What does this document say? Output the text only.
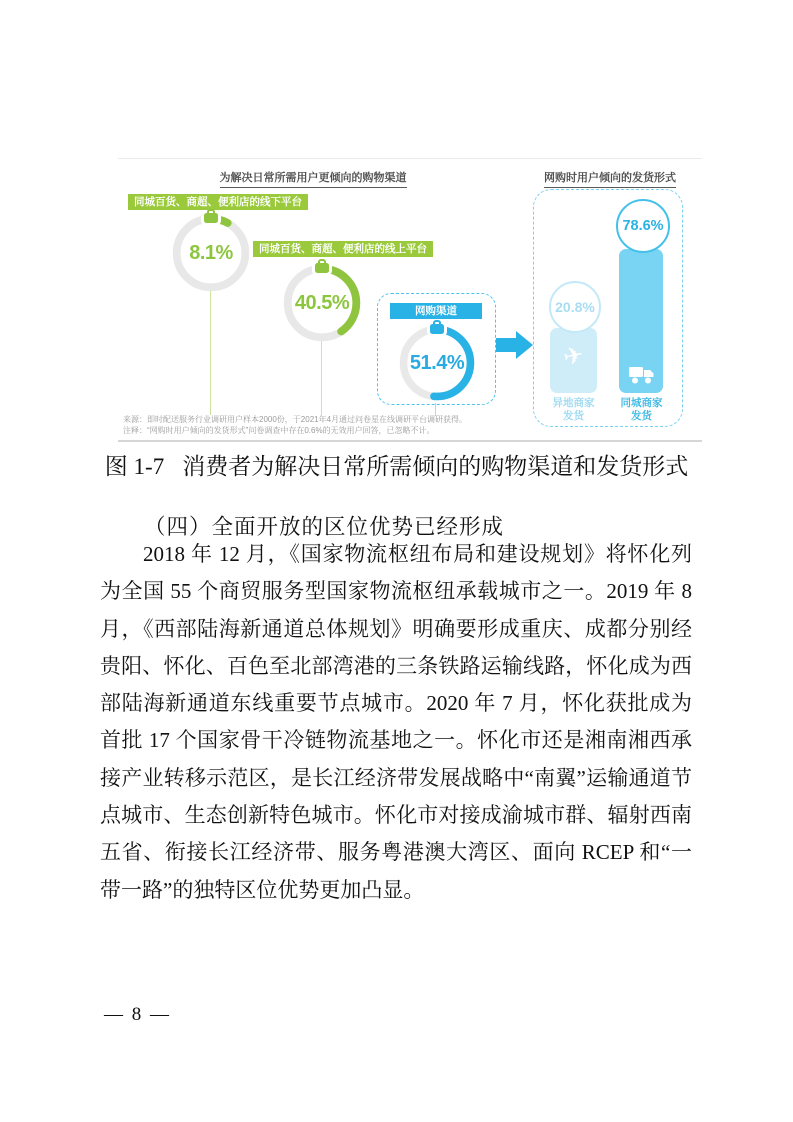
为解决日常所需用户更倾向的购物渠道	网购时用户倾向的发货形式
同城百货、商超、便利店的线下平台
8.1%	同城百货、商超、便利店的线上平台
40.5%	网购渠道
51.4%
78.6%
20.8%
✈
异地商家发货
同城商家发货
来源：即时配送服务行业调研用户样本2000份，于2021年4月通过问卷星在线调研平台调研获得。
注释：“网购时用户倾向的发货形式”问卷调查中存在0.6%的无效用户回答，已忽略不计。
图 1-7 消费者为解决日常所需倾向的购物渠道和发货形式
（四）全面开放的区位优势已经形成
2018 年 12 月，《国家物流枢纽布局和建设规划》将怀化列
为全国 55 个商贸服务型国家物流枢纽承载城市之一。2019 年 8
月，《西部陆海新通道总体规划》明确要形成重庆、成都分别经
贵阳、怀化、百色至北部湾港的三条铁路运输线路，怀化成为西
部陆海新通道东线重要节点城市。2020 年 7 月，怀化获批成为
首批 17 个国家骨干冷链物流基地之一。怀化市还是湘南湘西承
接产业转移示范区，是长江经济带发展战略中“南翼”运输通道节
点城市、生态创新特色城市。怀化市对接成渝城市群、辐射西南
五省、衔接长江经济带、服务粤港澳大湾区、面向 RCEP 和“一
带一路”的独特区位优势更加凸显。
— 8 —
